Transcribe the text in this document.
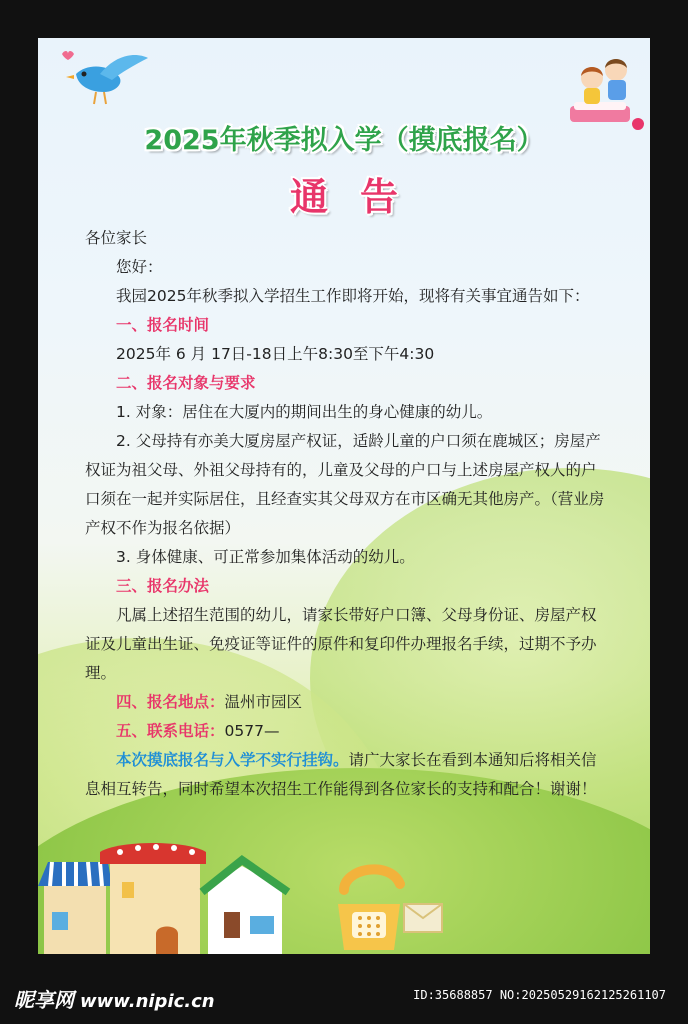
2025年秋季拟入学（摸底报名）
通告

各位家长

您好：

我园2025年秋季拟入学招生工作即将开始，现将有关事宜通告如下：

一、报名时间

2025年 6 月 17日-18日上午8:30至下午4:30

二、报名对象与要求

1. 对象：居住在大厦内的期间出生的身心健康的幼儿。

2. 父母持有亦美大厦房屋产权证，适龄儿童的户口须在鹿城区；房屋产权证为祖父母、外祖父母持有的，儿童及父母的户口与上述房屋产权人的户口须在一起并实际居住，且经查实其父母双方在市区确无其他房产。（营业房产权不作为报名依据）

3. 身体健康、可正常参加集体活动的幼儿。

三、报名办法

凡属上述招生范围的幼儿，请家长带好户口簿、父母身份证、房屋产权证及儿童出生证、免疫证等证件的原件和复印件办理报名手续，过期不予办理。

四、报名地点：温州市园区

五、联系电话：0577—

本次摸底报名与入学不实行挂钩。请广大家长在看到本通知后将相关信息相互转告，同时希望本次招生工作能得到各位家长的支持和配合！谢谢！

昵享网 www.nipic.cn	ID:35688857 NO:20250529162125261107
